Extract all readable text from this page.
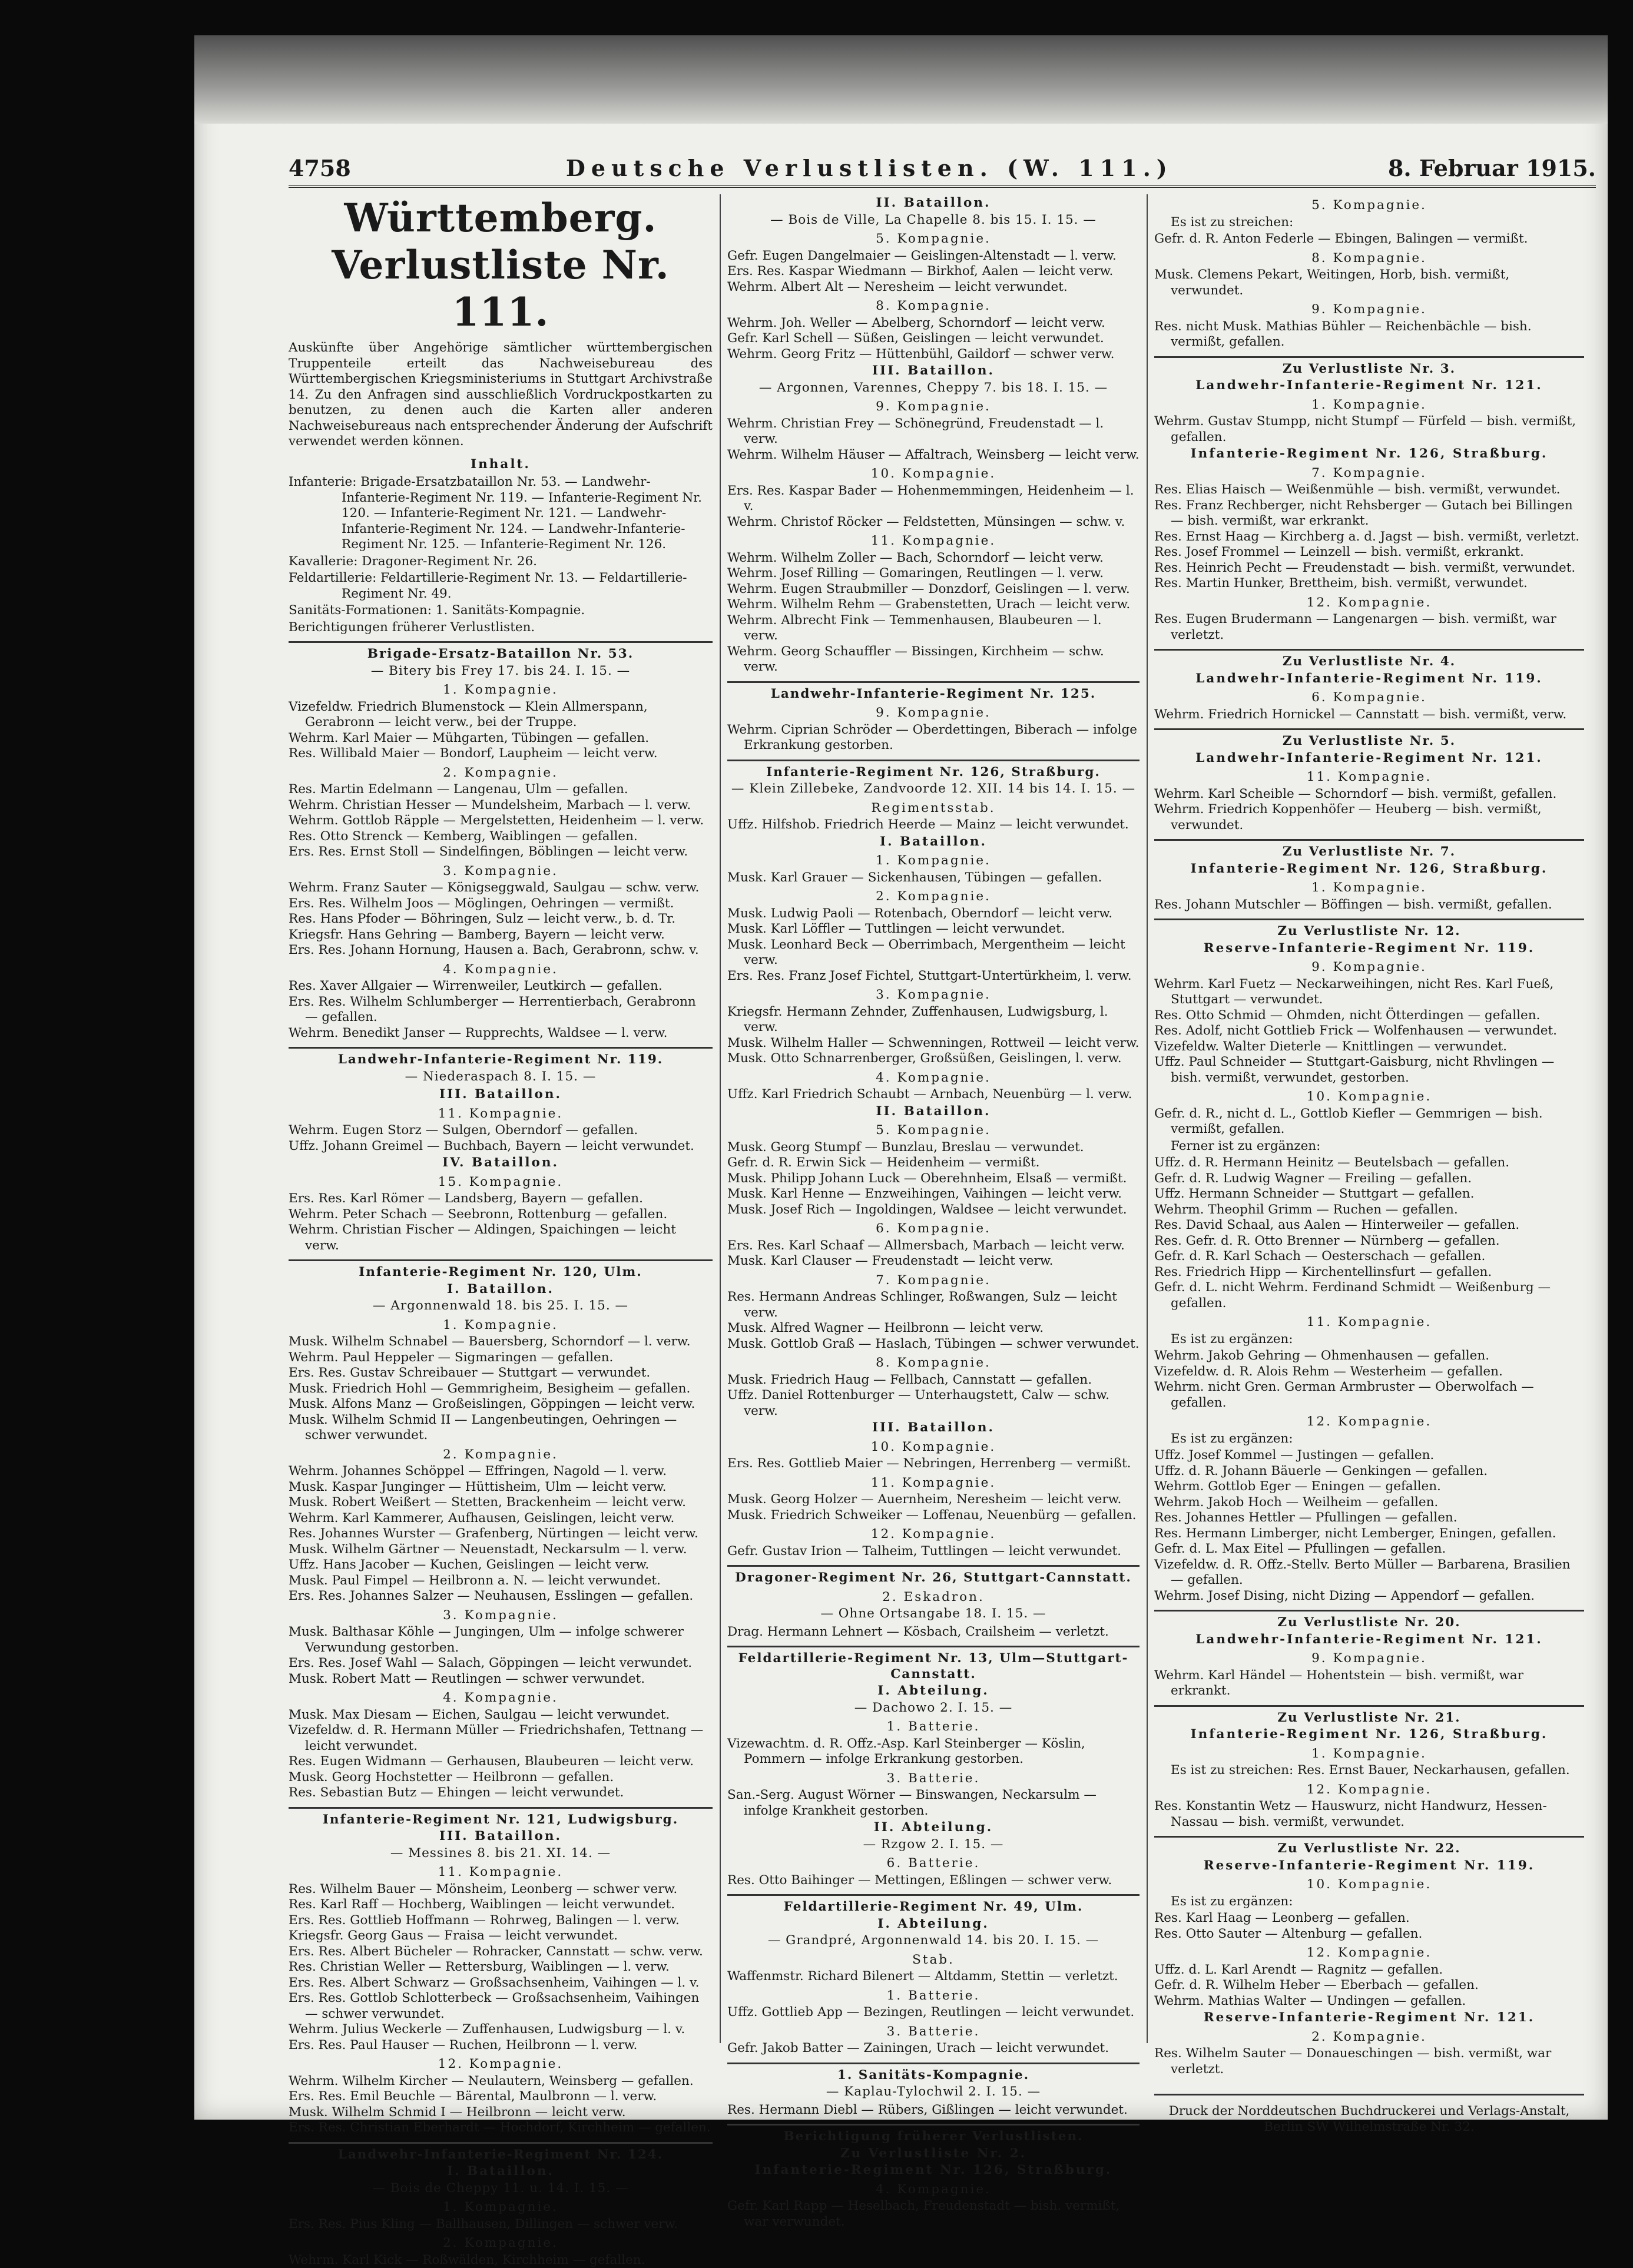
4758	Deutsche Verlustlisten. (W. 111.)	8. Februar 1915.
Württemberg. Verlustliste Nr. 111.
Auskünfte über Angehörige sämtlicher württembergischen Truppenteile erteilt das Nachweisebureau des Württembergischen Kriegsministeriums in Stuttgart Archivstraße 14. Zu den Anfragen sind ausschließlich Vordruckpostkarten zu benutzen, zu denen auch die Karten aller anderen Nachweisebureaus nach entsprechender Änderung der Aufschrift verwendet werden können.
Inhalt.
Infanterie: Brigade-Ersatzbataillon Nr. 53. — Landwehr-Infanterie-Regiment Nr. 119. — Infanterie-Regiment Nr. 120. — Infanterie-Regiment Nr. 121. — Landwehr-Infanterie-Regiment Nr. 124. — Landwehr-Infanterie-Regiment Nr. 125. — Infanterie-Regiment Nr. 126.
Kavallerie: Dragoner-Regiment Nr. 26.
Feldartillerie: Feldartillerie-Regiment Nr. 13. — Feldartillerie-Regiment Nr. 49.
Sanitäts-Formationen: 1. Sanitäts-Kompagnie.
Berichtigungen früherer Verlustlisten.
Brigade-Ersatz-Bataillon Nr. 53.
— Bitery bis Frey 17. bis 24. I. 15. —
1. Kompagnie.
Vizefeldw. Friedrich Blumenstock — Klein Allmerspann, Gerabronn — leicht verw., bei der Truppe.
Wehrm. Karl Maier — Mühgarten, Tübingen — gefallen.
Res. Willibald Maier — Bondorf, Laupheim — leicht verw.
2. Kompagnie.
Res. Martin Edelmann — Langenau, Ulm — gefallen.
Wehrm. Christian Hesser — Mundelsheim, Marbach — l. verw.
Wehrm. Gottlob Räpple — Mergelstetten, Heidenheim — l. verw.
Res. Otto Strenck — Kemberg, Waiblingen — gefallen.
Ers. Res. Ernst Stoll — Sindelfingen, Böblingen — leicht verw.
3. Kompagnie.
Wehrm. Franz Sauter — Königseggwald, Saulgau — schw. verw.
Ers. Res. Wilhelm Joos — Möglingen, Oehringen — vermißt.
Res. Hans Pfoder — Böhringen, Sulz — leicht verw., b. d. Tr.
Kriegsfr. Hans Gehring — Bamberg, Bayern — leicht verw.
Ers. Res. Johann Hornung, Hausen a. Bach, Gerabronn, schw. v.
4. Kompagnie.
Res. Xaver Allgaier — Wirrenweiler, Leutkirch — gefallen.
Ers. Res. Wilhelm Schlumberger — Herrentierbach, Gerabronn — gefallen.
Wehrm. Benedikt Janser — Rupprechts, Waldsee — l. verw.
Landwehr-Infanterie-Regiment Nr. 119.
— Niederaspach 8. I. 15. —
III. Bataillon.
11. Kompagnie.
Wehrm. Eugen Storz — Sulgen, Oberndorf — gefallen.
Uffz. Johann Greimel — Buchbach, Bayern — leicht verwundet.
IV. Bataillon.
15. Kompagnie.
Ers. Res. Karl Römer — Landsberg, Bayern — gefallen.
Wehrm. Peter Schach — Seebronn, Rottenburg — gefallen.
Wehrm. Christian Fischer — Aldingen, Spaichingen — leicht verw.
Infanterie-Regiment Nr. 120, Ulm.
I. Bataillon.
— Argonnenwald 18. bis 25. I. 15. —
1. Kompagnie.
Musk. Wilhelm Schnabel — Bauersberg, Schorndorf — l. verw.
Wehrm. Paul Heppeler — Sigmaringen — gefallen.
Ers. Res. Gustav Schreibauer — Stuttgart — verwundet.
Musk. Friedrich Hohl — Gemmrigheim, Besigheim — gefallen.
Musk. Alfons Manz — Großeislingen, Göppingen — leicht verw.
Musk. Wilhelm Schmid II — Langenbeutingen, Oehringen — schwer verwundet.
2. Kompagnie.
Wehrm. Johannes Schöppel — Effringen, Nagold — l. verw.
Musk. Kaspar Junginger — Hüttisheim, Ulm — leicht verw.
Musk. Robert Weißert — Stetten, Brackenheim — leicht verw.
Wehrm. Karl Kammerer, Aufhausen, Geislingen, leicht verw.
Res. Johannes Wurster — Grafenberg, Nürtingen — leicht verw.
Musk. Wilhelm Gärtner — Neuenstadt, Neckarsulm — l. verw.
Uffz. Hans Jacober — Kuchen, Geislingen — leicht verw.
Musk. Paul Fimpel — Heilbronn a. N. — leicht verwundet.
Ers. Res. Johannes Salzer — Neuhausen, Esslingen — gefallen.
3. Kompagnie.
Musk. Balthasar Köhle — Jungingen, Ulm — infolge schwerer Verwundung gestorben.
Ers. Res. Josef Wahl — Salach, Göppingen — leicht verwundet.
Musk. Robert Matt — Reutlingen — schwer verwundet.
4. Kompagnie.
Musk. Max Diesam — Eichen, Saulgau — leicht verwundet.
Vizefeldw. d. R. Hermann Müller — Friedrichshafen, Tettnang — leicht verwundet.
Res. Eugen Widmann — Gerhausen, Blaubeuren — leicht verw.
Musk. Georg Hochstetter — Heilbronn — gefallen.
Res. Sebastian Butz — Ehingen — leicht verwundet.
Infanterie-Regiment Nr. 121, Ludwigsburg.
III. Bataillon.
— Messines 8. bis 21. XI. 14. —
11. Kompagnie.
Res. Wilhelm Bauer — Mönsheim, Leonberg — schwer verw.
Res. Karl Raff — Hochberg, Waiblingen — leicht verwundet.
Ers. Res. Gottlieb Hoffmann — Rohrweg, Balingen — l. verw.
Kriegsfr. Georg Gaus — Fraisa — leicht verwundet.
Ers. Res. Albert Bücheler — Rohracker, Cannstatt — schw. verw.
Res. Christian Weller — Rettersburg, Waiblingen — l. verw.
Ers. Res. Albert Schwarz — Großsachsenheim, Vaihingen — l. v.
Ers. Res. Gottlob Schlotterbeck — Großsachsenheim, Vaihingen — schwer verwundet.
Wehrm. Julius Weckerle — Zuffenhausen, Ludwigsburg — l. v.
Ers. Res. Paul Hauser — Ruchen, Heilbronn — l. verw.
12. Kompagnie.
Wehrm. Wilhelm Kircher — Neulautern, Weinsberg — gefallen.
Ers. Res. Emil Beuchle — Bärental, Maulbronn — l. verw.
Musk. Wilhelm Schmid I — Heilbronn — leicht verw.
Ers. Res. Christian Eberhardt — Hochdorf, Kirchheim — gefallen.
Landwehr-Infanterie-Regiment Nr. 124.
I. Bataillon.
— Bois de Cheppy 11. u. 14. I. 15. —
1. Kompagnie.
Ers. Res. Pius Kling — Ballhausen, Dillingen — schwer verw.
2. Kompagnie.
Wehrm. Karl Kick — Roßwälden, Kirchheim — gefallen.
II. Bataillon.
— Bois de Ville, La Chapelle 8. bis 15. I. 15. —
5. Kompagnie.
Gefr. Eugen Dangelmaier — Geislingen-Altenstadt — l. verw.
Ers. Res. Kaspar Wiedmann — Birkhof, Aalen — leicht verw.
Wehrm. Albert Alt — Neresheim — leicht verwundet.
8. Kompagnie.
Wehrm. Joh. Weller — Abelberg, Schorndorf — leicht verw.
Gefr. Karl Schell — Süßen, Geislingen — leicht verwundet.
Wehrm. Georg Fritz — Hüttenbühl, Gaildorf — schwer verw.
III. Bataillon.
— Argonnen, Varennes, Cheppy 7. bis 18. I. 15. —
9. Kompagnie.
Wehrm. Christian Frey — Schönegründ, Freudenstadt — l. verw.
Wehrm. Wilhelm Häuser — Affaltrach, Weinsberg — leicht verw.
10. Kompagnie.
Ers. Res. Kaspar Bader — Hohenmemmingen, Heidenheim — l. v.
Wehrm. Christof Röcker — Feldstetten, Münsingen — schw. v.
11. Kompagnie.
Wehrm. Wilhelm Zoller — Bach, Schorndorf — leicht verw.
Wehrm. Josef Rilling — Gomaringen, Reutlingen — l. verw.
Wehrm. Eugen Straubmiller — Donzdorf, Geislingen — l. verw.
Wehrm. Wilhelm Rehm — Grabenstetten, Urach — leicht verw.
Wehrm. Albrecht Fink — Temmenhausen, Blaubeuren — l. verw.
Wehrm. Georg Schauffler — Bissingen, Kirchheim — schw. verw.
Landwehr-Infanterie-Regiment Nr. 125.
9. Kompagnie.
Wehrm. Ciprian Schröder — Oberdettingen, Biberach — infolge Erkrankung gestorben.
Infanterie-Regiment Nr. 126, Straßburg.
— Klein Zillebeke, Zandvoorde 12. XII. 14 bis 14. I. 15. —
Regimentsstab.
Uffz. Hilfshob. Friedrich Heerde — Mainz — leicht verwundet.
I. Bataillon.
1. Kompagnie.
Musk. Karl Grauer — Sickenhausen, Tübingen — gefallen.
2. Kompagnie.
Musk. Ludwig Paoli — Rotenbach, Oberndorf — leicht verw.
Musk. Karl Löffler — Tuttlingen — leicht verwundet.
Musk. Leonhard Beck — Oberrimbach, Mergentheim — leicht verw.
Ers. Res. Franz Josef Fichtel, Stuttgart-Untertürkheim, l. verw.
3. Kompagnie.
Kriegsfr. Hermann Zehnder, Zuffenhausen, Ludwigsburg, l. verw.
Musk. Wilhelm Haller — Schwenningen, Rottweil — leicht verw.
Musk. Otto Schnarrenberger, Großsüßen, Geislingen, l. verw.
4. Kompagnie.
Uffz. Karl Friedrich Schaubt — Arnbach, Neuenbürg — l. verw.
II. Bataillon.
5. Kompagnie.
Musk. Georg Stumpf — Bunzlau, Breslau — verwundet.
Gefr. d. R. Erwin Sick — Heidenheim — vermißt.
Musk. Philipp Johann Luck — Oberehnheim, Elsaß — vermißt.
Musk. Karl Henne — Enzweihingen, Vaihingen — leicht verw.
Musk. Josef Rich — Ingoldingen, Waldsee — leicht verwundet.
6. Kompagnie.
Ers. Res. Karl Schaaf — Allmersbach, Marbach — leicht verw.
Musk. Karl Clauser — Freudenstadt — leicht verw.
7. Kompagnie.
Res. Hermann Andreas Schlinger, Roßwangen, Sulz — leicht verw.
Musk. Alfred Wagner — Heilbronn — leicht verw.
Musk. Gottlob Graß — Haslach, Tübingen — schwer verwundet.
8. Kompagnie.
Musk. Friedrich Haug — Fellbach, Cannstatt — gefallen.
Uffz. Daniel Rottenburger — Unterhaugstett, Calw — schw. verw.
III. Bataillon.
10. Kompagnie.
Ers. Res. Gottlieb Maier — Nebringen, Herrenberg — vermißt.
11. Kompagnie.
Musk. Georg Holzer — Auernheim, Neresheim — leicht verw.
Musk. Friedrich Schweiker — Loffenau, Neuenbürg — gefallen.
12. Kompagnie.
Gefr. Gustav Irion — Talheim, Tuttlingen — leicht verwundet.
Dragoner-Regiment Nr. 26, Stuttgart-Cannstatt.
2. Eskadron.
— Ohne Ortsangabe 18. I. 15. —
Drag. Hermann Lehnert — Kösbach, Crailsheim — verletzt.
Feldartillerie-Regiment Nr. 13, Ulm—Stuttgart-Cannstatt.
I. Abteilung.
— Dachowo 2. I. 15. —
1. Batterie.
Vizewachtm. d. R. Offz.-Asp. Karl Steinberger — Köslin, Pommern — infolge Erkrankung gestorben.
3. Batterie.
San.-Serg. August Wörner — Binswangen, Neckarsulm — infolge Krankheit gestorben.
II. Abteilung.
— Rzgow 2. I. 15. —
6. Batterie.
Res. Otto Baihinger — Mettingen, Eßlingen — schwer verw.
Feldartillerie-Regiment Nr. 49, Ulm.
I. Abteilung.
— Grandpré, Argonnenwald 14. bis 20. I. 15. —
Stab.
Waffenmstr. Richard Bilenert — Altdamm, Stettin — verletzt.
1. Batterie.
Uffz. Gottlieb App — Bezingen, Reutlingen — leicht verwundet.
3. Batterie.
Gefr. Jakob Batter — Zainingen, Urach — leicht verwundet.
1. Sanitäts-Kompagnie.
— Kaplau-Tylochwil 2. I. 15. —
Res. Hermann Diebl — Rübers, Gißlingen — leicht verwundet.
Berichtigung früherer Verlustlisten.
Zu Verlustliste Nr. 2.
Infanterie-Regiment Nr. 126, Straßburg.
4. Kompagnie.
Gefr. Karl Rapp — Heselbach, Freudenstadt — bish. vermißt, war verwundet.
5. Kompagnie.
Es ist zu streichen:
Gefr. d. R. Anton Federle — Ebingen, Balingen — vermißt.
8. Kompagnie.
Musk. Clemens Pekart, Weitingen, Horb, bish. vermißt, verwundet.
9. Kompagnie.
Res. nicht Musk. Mathias Bühler — Reichenbächle — bish. vermißt, gefallen.
Zu Verlustliste Nr. 3.
Landwehr-Infanterie-Regiment Nr. 121.
1. Kompagnie.
Wehrm. Gustav Stumpp, nicht Stumpf — Fürfeld — bish. vermißt, gefallen.
Infanterie-Regiment Nr. 126, Straßburg.
7. Kompagnie.
Res. Elias Haisch — Weißenmühle — bish. vermißt, verwundet.
Res. Franz Rechberger, nicht Rehsberger — Gutach bei Billingen — bish. vermißt, war erkrankt.
Res. Ernst Haag — Kirchberg a. d. Jagst — bish. vermißt, verletzt.
Res. Josef Frommel — Leinzell — bish. vermißt, erkrankt.
Res. Heinrich Pecht — Freudenstadt — bish. vermißt, verwundet.
Res. Martin Hunker, Brettheim, bish. vermißt, verwundet.
12. Kompagnie.
Res. Eugen Brudermann — Langenargen — bish. vermißt, war verletzt.
Zu Verlustliste Nr. 4.
Landwehr-Infanterie-Regiment Nr. 119.
6. Kompagnie.
Wehrm. Friedrich Hornickel — Cannstatt — bish. vermißt, verw.
Zu Verlustliste Nr. 5.
Landwehr-Infanterie-Regiment Nr. 121.
11. Kompagnie.
Wehrm. Karl Scheible — Schorndorf — bish. vermißt, gefallen.
Wehrm. Friedrich Koppenhöfer — Heuberg — bish. vermißt, verwundet.
Zu Verlustliste Nr. 7.
Infanterie-Regiment Nr. 126, Straßburg.
1. Kompagnie.
Res. Johann Mutschler — Böffingen — bish. vermißt, gefallen.
Zu Verlustliste Nr. 12.
Reserve-Infanterie-Regiment Nr. 119.
9. Kompagnie.
Wehrm. Karl Fuetz — Neckarweihingen, nicht Res. Karl Fueß, Stuttgart — verwundet.
Res. Otto Schmid — Ohmden, nicht Ötterdingen — gefallen.
Res. Adolf, nicht Gottlieb Frick — Wolfenhausen — verwundet.
Vizefeldw. Walter Dieterle — Knittlingen — verwundet.
Uffz. Paul Schneider — Stuttgart-Gaisburg, nicht Rhvlingen — bish. vermißt, verwundet, gestorben.
10. Kompagnie.
Gefr. d. R., nicht d. L., Gottlob Kiefler — Gemmrigen — bish. vermißt, gefallen.
Ferner ist zu ergänzen:
Uffz. d. R. Hermann Heinitz — Beutelsbach — gefallen.
Gefr. d. R. Ludwig Wagner — Freiling — gefallen.
Uffz. Hermann Schneider — Stuttgart — gefallen.
Wehrm. Theophil Grimm — Ruchen — gefallen.
Res. David Schaal, aus Aalen — Hinterweiler — gefallen.
Res. Gefr. d. R. Otto Brenner — Nürnberg — gefallen.
Gefr. d. R. Karl Schach — Oesterschach — gefallen.
Res. Friedrich Hipp — Kirchentellinsfurt — gefallen.
Gefr. d. L. nicht Wehrm. Ferdinand Schmidt — Weißenburg — gefallen.
11. Kompagnie.
Es ist zu ergänzen:
Wehrm. Jakob Gehring — Ohmenhausen — gefallen.
Vizefeldw. d. R. Alois Rehm — Westerheim — gefallen.
Wehrm. nicht Gren. German Armbruster — Oberwolfach — gefallen.
12. Kompagnie.
Es ist zu ergänzen:
Uffz. Josef Kommel — Justingen — gefallen.
Uffz. d. R. Johann Bäuerle — Genkingen — gefallen.
Wehrm. Gottlob Eger — Eningen — gefallen.
Wehrm. Jakob Hoch — Weilheim — gefallen.
Res. Johannes Hettler — Pfullingen — gefallen.
Res. Hermann Limberger, nicht Lemberger, Eningen, gefallen.
Gefr. d. L. Max Eitel — Pfullingen — gefallen.
Vizefeldw. d. R. Offz.-Stellv. Berto Müller — Barbarena, Brasilien — gefallen.
Wehrm. Josef Dising, nicht Dizing — Appendorf — gefallen.
Zu Verlustliste Nr. 20.
Landwehr-Infanterie-Regiment Nr. 121.
9. Kompagnie.
Wehrm. Karl Händel — Hohentstein — bish. vermißt, war erkrankt.
Zu Verlustliste Nr. 21.
Infanterie-Regiment Nr. 126, Straßburg.
1. Kompagnie.
Es ist zu streichen: Res. Ernst Bauer, Neckarhausen, gefallen.
12. Kompagnie.
Res. Konstantin Wetz — Hauswurz, nicht Handwurz, Hessen-Nassau — bish. vermißt, verwundet.
Zu Verlustliste Nr. 22.
Reserve-Infanterie-Regiment Nr. 119.
10. Kompagnie.
Es ist zu ergänzen:
Res. Karl Haag — Leonberg — gefallen.
Res. Otto Sauter — Altenburg — gefallen.
12. Kompagnie.
Uffz. d. L. Karl Arendt — Ragnitz — gefallen.
Gefr. d. R. Wilhelm Heber — Eberbach — gefallen.
Wehrm. Mathias Walter — Undingen — gefallen.
Reserve-Infanterie-Regiment Nr. 121.
2. Kompagnie.
Res. Wilhelm Sauter — Donaueschingen — bish. vermißt, war verletzt.
Druck der Norddeutschen Buchdruckerei und Verlags-Anstalt, Berlin SW Wilhelmstraße Nr. 32.
